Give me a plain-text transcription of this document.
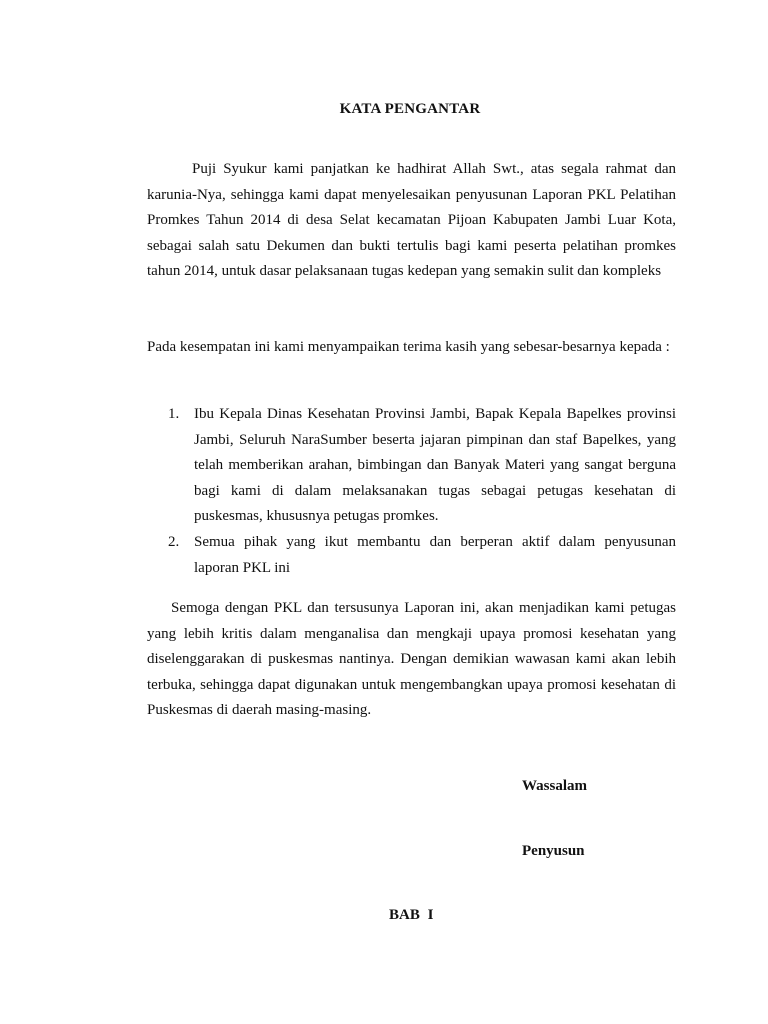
KATA PENGANTAR

Puji Syukur kami panjatkan ke hadhirat Allah Swt., atas segala rahmat dan karunia-Nya, sehingga kami dapat menyelesaikan penyusunan Laporan PKL Pelatihan Promkes Tahun 2014 di desa Selat kecamatan Pijoan Kabupaten Jambi Luar Kota, sebagai salah satu Dekumen dan bukti tertulis bagi kami peserta pelatihan promkes tahun 2014, untuk dasar pelaksanaan tugas kedepan yang semakin sulit dan kompleks

Pada kesempatan ini kami menyampaikan terima kasih yang sebesar-besarnya kepada :

1. Ibu Kepala Dinas Kesehatan Provinsi Jambi, Bapak Kepala Bapelkes provinsi Jambi, Seluruh NaraSumber beserta jajaran pimpinan dan staf Bapelkes, yang telah memberikan arahan, bimbingan dan Banyak Materi yang sangat berguna bagi kami di dalam melaksanakan tugas sebagai petugas kesehatan di puskesmas, khususnya petugas promkes.
2. Semua pihak yang ikut membantu dan berperan aktif dalam penyusunan laporan PKL ini

Semoga dengan PKL dan tersusunya Laporan ini, akan menjadikan kami petugas yang lebih kritis dalam menganalisa dan mengkaji upaya promosi kesehatan yang diselenggarakan di puskesmas nantinya. Dengan demikian wawasan kami akan lebih terbuka, sehingga dapat digunakan untuk mengembangkan upaya promosi kesehatan di Puskesmas di daerah masing-masing.

Wassalam
Penyusun
BAB I
